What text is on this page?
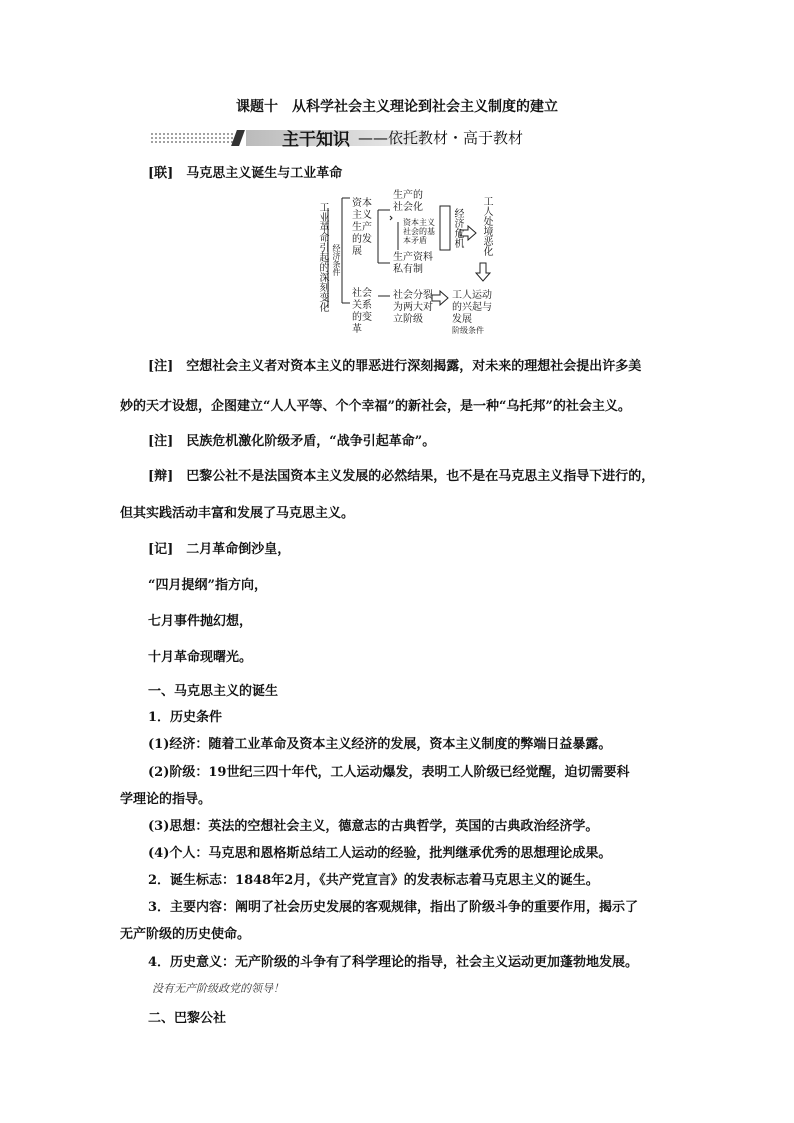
课题十　从科学社会主义理论到社会主义制度的建立
主干知识 ——依托教材・高于教材
[联]　马克思主义诞生与工业革命
工业革命引起的深刻变化 经济条件
资本
主义
生产
的发
展
生产的
社会化
资本主义
社会的基
本矛盾
生产资料
私有制
经济危机 工人处境恶化
社会
关系
的变
革
社会分裂
为两大对
立阶级
工人运动
的兴起与
发展
阶级条件
[注]　空想社会主义者对资本主义的罪恶进行深刻揭露，对未来的理想社会提出许多美
妙的天才设想，企图建立“人人平等、个个幸福”的新社会，是一种“乌托邦”的社会主义。
[注]　民族危机激化阶级矛盾，“战争引起革命”。
[辩]　巴黎公社不是法国资本主义发展的必然结果，也不是在马克思主义指导下进行的，
但其实践活动丰富和发展了马克思主义。
[记]　二月革命倒沙皇，
“四月提纲”指方向，
七月事件抛幻想，
十月革命现曙光。
一、马克思主义的诞生
1．历史条件
(1)经济：随着工业革命及资本主义经济的发展，资本主义制度的弊端日益暴露。
(2)阶级：19世纪三四十年代，工人运动爆发，表明工人阶级已经觉醒，迫切需要科
学理论的指导。
(3)思想：英法的空想社会主义，德意志的古典哲学，英国的古典政治经济学。
(4)个人：马克思和恩格斯总结工人运动的经验，批判继承优秀的思想理论成果。
2．诞生标志：1848年2月，《共产党宣言》的发表标志着马克思主义的诞生。
3．主要内容：阐明了社会历史发展的客观规律，指出了阶级斗争的重要作用，揭示了
无产阶级的历史使命。
4．历史意义：无产阶级的斗争有了科学理论的指导，社会主义运动更加蓬勃地发展。
二、巴黎公社
没有无产阶级政党的领导！
